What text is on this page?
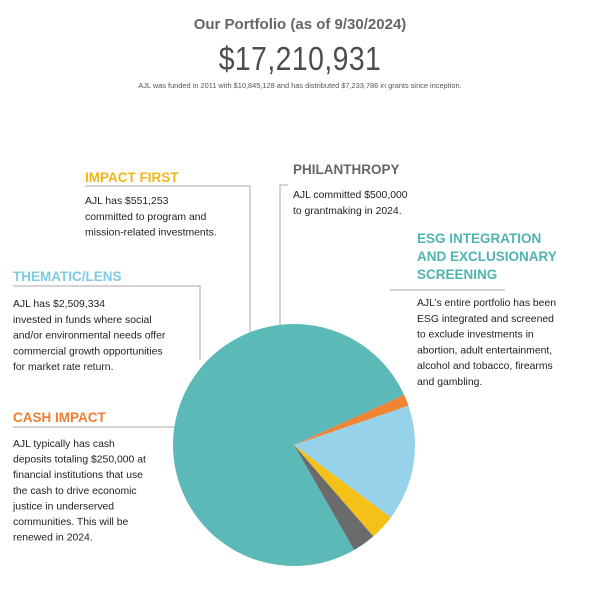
Our Portfolio (as of 9/30/2024)
$17,210,931
AJL was funded in 2011 with $10,845,128 and has distributed $7,233,786 in grants since inception.
IMPACT FIRST
AJL has $551,253
committed to program and
mission-related investments.
PHILANTHROPY
AJL committed $500,000
to grantmaking in 2024.
ESG INTEGRATION
AND EXCLUSIONARY
SCREENING
AJL’s entire portfolio has been
ESG integrated and screened
to exclude investments in
abortion, adult entertainment,
alcohol and tobacco, firearms
and gambling.
THEMATIC/LENS
AJL has $2,509,334
invested in funds where social
and/or environmental needs offer
commercial growth opportunities
for market rate return.
CASH IMPACT
AJL typically has cash
deposits totaling $250,000 at
financial institutions that use
the cash to drive economic
justice in underserved
communities. This will be
renewed in 2024.
